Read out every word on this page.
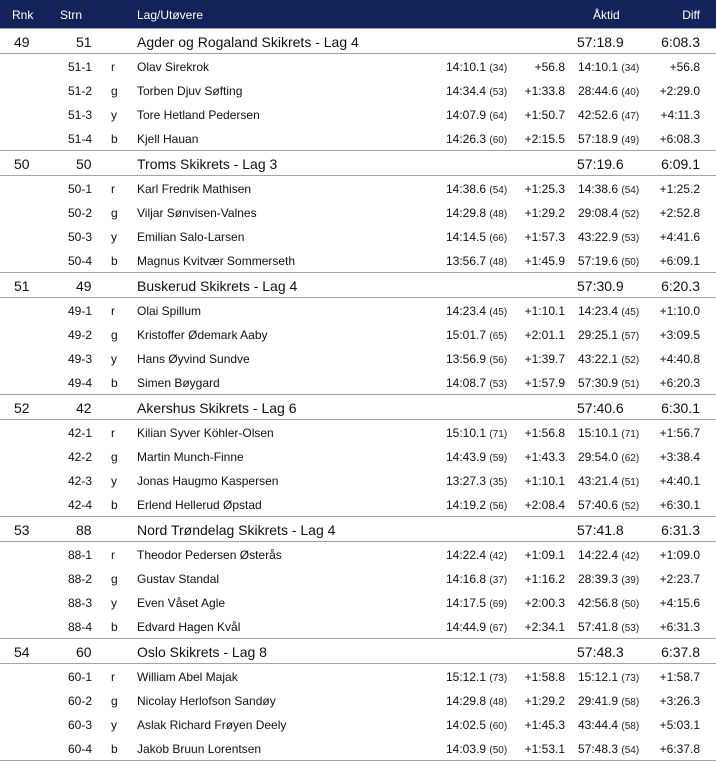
Rnk Strn	Lag/Utøvere	Åktid	Diff
49	51	Agder og Rogaland Skikrets - Lag 4	57:18.9	6:08.3
51-1 r Olav Sirekrok	14:10.1 (34) +56.8 14:10.1 (34)	+56.8
51-2 g Torben Djuv Søfting	14:34.4 (53) +1:33.8 28:44.6 (40) +2:29.0
51-3 y Tore Hetland Pedersen	14:07.9 (64) +1:50.7 42:52.6 (47) +4:11.3
51-4 b Kjell Hauan	14:26.3 (60) +2:15.5 57:18.9 (49) +6:08.3
50	50	Troms Skikrets - Lag 3	57:19.6	6:09.1
50-1 r Karl Fredrik Mathisen	14:38.6 (54) +1:25.3 14:38.6 (54) +1:25.2
50-2 g Viljar Sønvisen-Valnes	14:29.8 (48) +1:29.2 29:08.4 (52) +2:52.8
50-3 y Emilian Salo-Larsen	14:14.5 (66) +1:57.3 43:22.9 (53) +4:41.6
50-4 b Magnus Kvitvær Sommerseth	13:56.7 (48) +1:45.9 57:19.6 (50) +6:09.1
51	49	Buskerud Skikrets - Lag 4	57:30.9	6:20.3
49-1 r Olai Spillum	14:23.4 (45) +1:10.1 14:23.4 (45) +1:10.0
49-2 g Kristoffer Ødemark Aaby	15:01.7 (65) +2:01.1 29:25.1 (57) +3:09.5
49-3 y Hans Øyvind Sundve	13:56.9 (56) +1:39.7 43:22.1 (52) +4:40.8
49-4 b Simen Bøygard	14:08.7 (53) +1:57.9 57:30.9 (51) +6:20.3
52	42	Akershus Skikrets - Lag 6	57:40.6	6:30.1
42-1 r Kilian Syver Köhler-Olsen	15:10.1 (71) +1:56.8 15:10.1 (71) +1:56.7
42-2 g Martin Munch-Finne	14:43.9 (59) +1:43.3 29:54.0 (62) +3:38.4
42-3 y Jonas Haugmo Kaspersen	13:27.3 (35) +1:10.1 43:21.4 (51) +4:40.1
42-4 b Erlend Hellerud Øpstad	14:19.2 (56) +2:08.4 57:40.6 (52) +6:30.1
53	88	Nord Trøndelag Skikrets - Lag 4	57:41.8	6:31.3
88-1 r Theodor Pedersen Østerås	14:22.4 (42) +1:09.1 14:22.4 (42) +1:09.0
88-2 g Gustav Standal	14:16.8 (37) +1:16.2 28:39.3 (39) +2:23.7
88-3 y Even Våset Agle	14:17.5 (69) +2:00.3 42:56.8 (50) +4:15.6
88-4 b Edvard Hagen Kvål	14:44.9 (67) +2:34.1 57:41.8 (53) +6:31.3
54	60	Oslo Skikrets - Lag 8	57:48.3	6:37.8
60-1 r William Abel Majak	15:12.1 (73) +1:58.8 15:12.1 (73) +1:58.7
60-2 g Nicolay Herlofson Sandøy	14:29.8 (48) +1:29.2 29:41.9 (58) +3:26.3
60-3 y Aslak Richard Frøyen Deely	14:02.5 (60) +1:45.3 43:44.4 (58) +5:03.1
60-4 b Jakob Bruun Lorentsen	14:03.9 (50) +1:53.1 57:48.3 (54) +6:37.8
